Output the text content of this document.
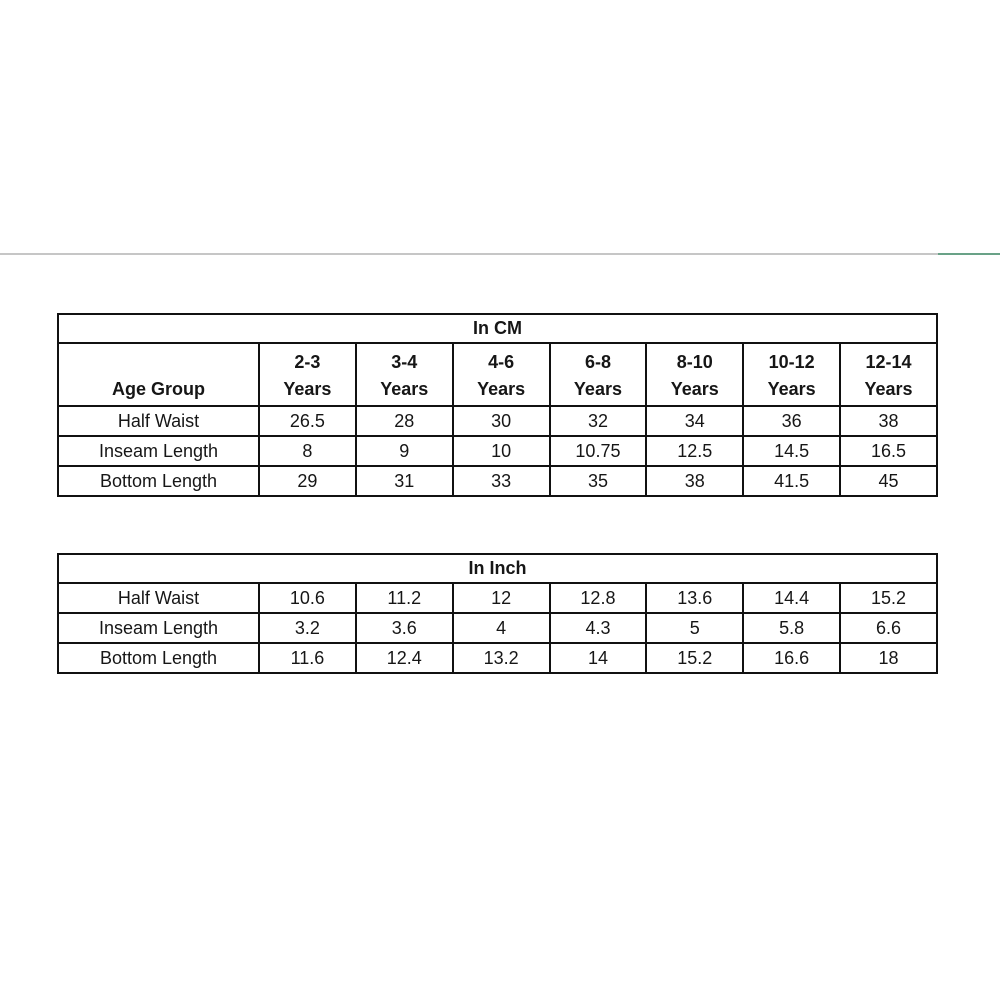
In CM							
Age Group	2-3 Years	3-4 Years	4-6 Years	6-8 Years	8-10 Years	10-12 Years	12-14 Years
Half Waist	26.5	28	30	32	34	36	38
Inseam Length	8	9	10	10.75	12.5	14.5	16.5
Bottom Length	29	31	33	35	38	41.5	45
In Inch							
Half Waist	10.6	11.2	12	12.8	13.6	14.4	15.2
Inseam Length	3.2	3.6	4	4.3	5	5.8	6.6
Bottom Length	11.6	12.4	13.2	14	15.2	16.6	18
